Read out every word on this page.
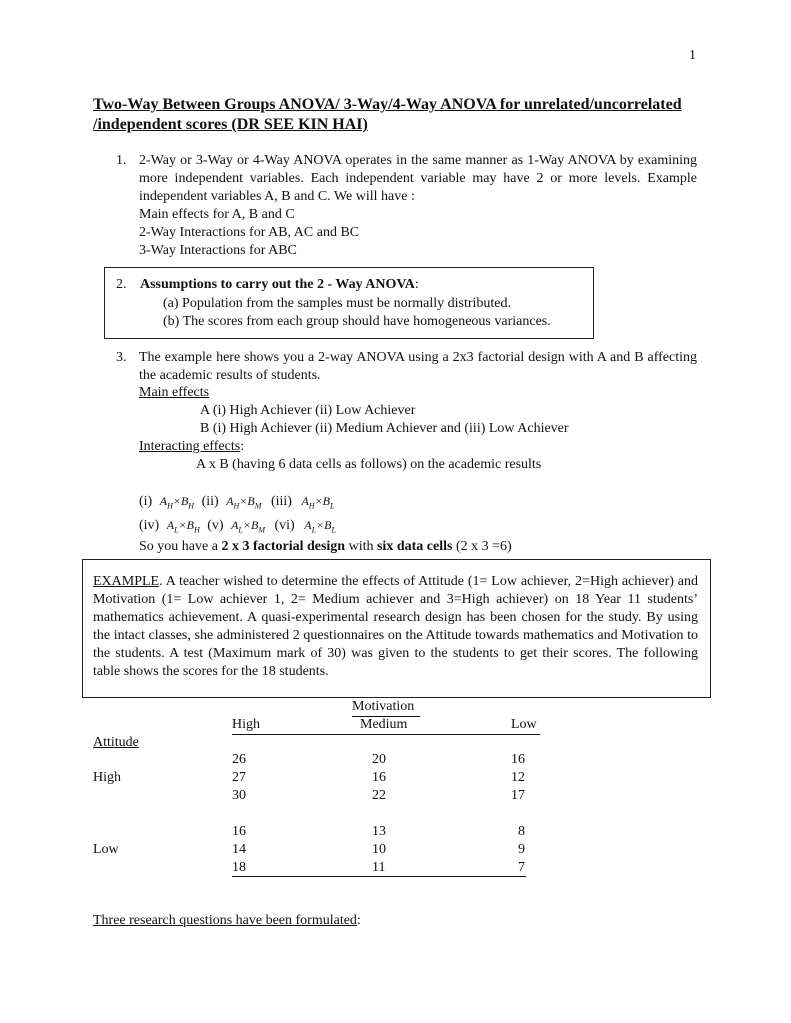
1
Two-Way Between Groups ANOVA/ 3-Way/4-Way ANOVA for unrelated/uncorrelated /independent scores (DR SEE KIN HAI)
1. 2-Way or 3-Way or 4-Way ANOVA operates in the same manner as 1-Way ANOVA by examining more independent variables. Each independent variable may have 2 or more levels. Example independent variables A, B and C. We will have :
Main effects for A, B and C
2-Way Interactions for AB, AC and BC
3-Way Interactions for ABC
2. Assumptions to carry out the 2 - Way ANOVA:
(a) Population from the samples must be normally distributed.
(b) The scores from each group should have homogeneous variances.
3. The example here shows you a 2-way ANOVA using a 2x3 factorial design with A and B affecting the academic results of students.
Main effects
A (i) High Achiever (ii) Low Achiever
B (i) High Achiever (ii) Medium Achiever and (iii) Low Achiever
Interacting effects:
A x B (having 6 data cells as follows) on the academic results
(i) $A_H\times B_H$ (ii) $A_H\times B_M$ (iii) $A_H\times B_L$
(iv) $A_L\times B_H$ (v) $A_L\times B_M$ (vi) $A_L\times B_L$
So you have a 2 x 3 factorial design with six data cells (2 x 3 =6)
EXAMPLE. A teacher wished to determine the effects of Attitude (1= Low achiever, 2=High achiever) and Motivation (1= Low achiever 1, 2= Medium achiever and 3=High achiever) on 18 Year 11 students’ mathematics achievement. A quasi-experimental research design has been chosen for the study. By using the intact classes, she administered 2 questionnaires on the Attitude towards mathematics and Motivation to the students. A test (Maximum mark of 30) was given to the students to get their scores. The following table shows the scores for the 18 students.
Motivation
High	Medium	Low
Attitude
High
26	20	16
27	16	12
30	22	17
Low
16	13	8
14	10	9
18	11	7
Three research questions have been formulated:
